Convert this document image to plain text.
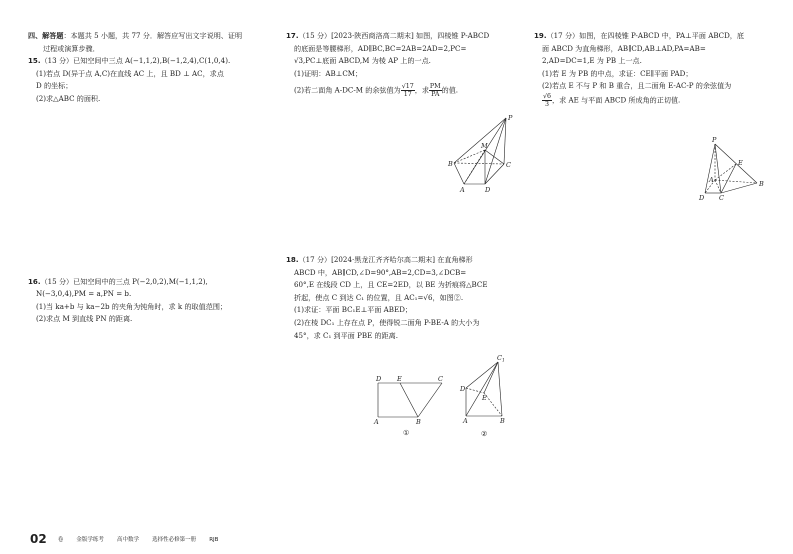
四、解答题：本题共 5 小题，共 77 分．解答应写出文字说明、证明

过程或演算步骤．

15.（13 分）已知空间中三点 A(−1,1,2),B(−1,2,4),C(1,0,4).

(1)若点 D(异于点 A,C)在直线 AC 上，且 BD ⊥ AC，求点

D 的坐标；

(2)求△ABC 的面积.

16.（15 分）已知空间中的三点 P(−2,0,2),M(−1,1,2),

N(−3,0,4),PM = a,PN = b.

(1)当 ka+b 与 ka−2b 的夹角为钝角时，求 k 的取值范围；

(2)求点 M 到直线 PN 的距离.

17.（15 分）[2023·陕西商洛高二期末] 如图，四棱锥 P-ABCD

的底面是等腰梯形，AD∥BC,BC=2AB=2AD=2,PC=

√3,PC⊥底面 ABCD,M 为棱 AP 上的一点.

(1)证明：AB⊥CM；

(2)若二面角 A-DC-M 的余弦值为 $\frac{√17}{17}$ ，求 $\frac{PM}{PA}$ 的值.

18.（17 分）[2024·黑龙江齐齐哈尔高二期末] 在直角梯形

ABCD 中，AB∥CD,∠D=90°,AB=2,CD=3,∠DCB=

60°,E 在线段 CD 上，且 CE=2ED，以 BE 为折痕将△BCE

折起，使点 C 到达 C₁ 的位置，且 AC₁=√6，如图②.

(1)求证：平面 BC₁E⊥平面 ABED；

(2)在棱 DC₁ 上存在点 P，使得锐二面角 P-BE-A 的大小为

45°，求 C₁ 到平面 PBE 的距离.

19.（17 分）如图，在四棱锥 P-ABCD 中，PA⊥平面 ABCD，底

面 ABCD 为直角梯形，AB∥CD,AB⊥AD,PA=AB=

2,AD=DC=1,E 为 PB 上一点.

(1)若 E 为 PB 的中点，求证：CE∥平面 PAD；

(2)若点 E 不与 P 和 B 重合，且二面角 E-AC-P 的余弦值为

$\frac{√6}{3}$ ，求 AE 与平面 ABCD 所成角的正切值.

P
M
B	C
A	D
D E	C
A	B
①
$C_1$
D
E
A	B
②
P
E
A	B
D C
02 卷 金版学练考 高中数学 选择性必修第一册 RJB
